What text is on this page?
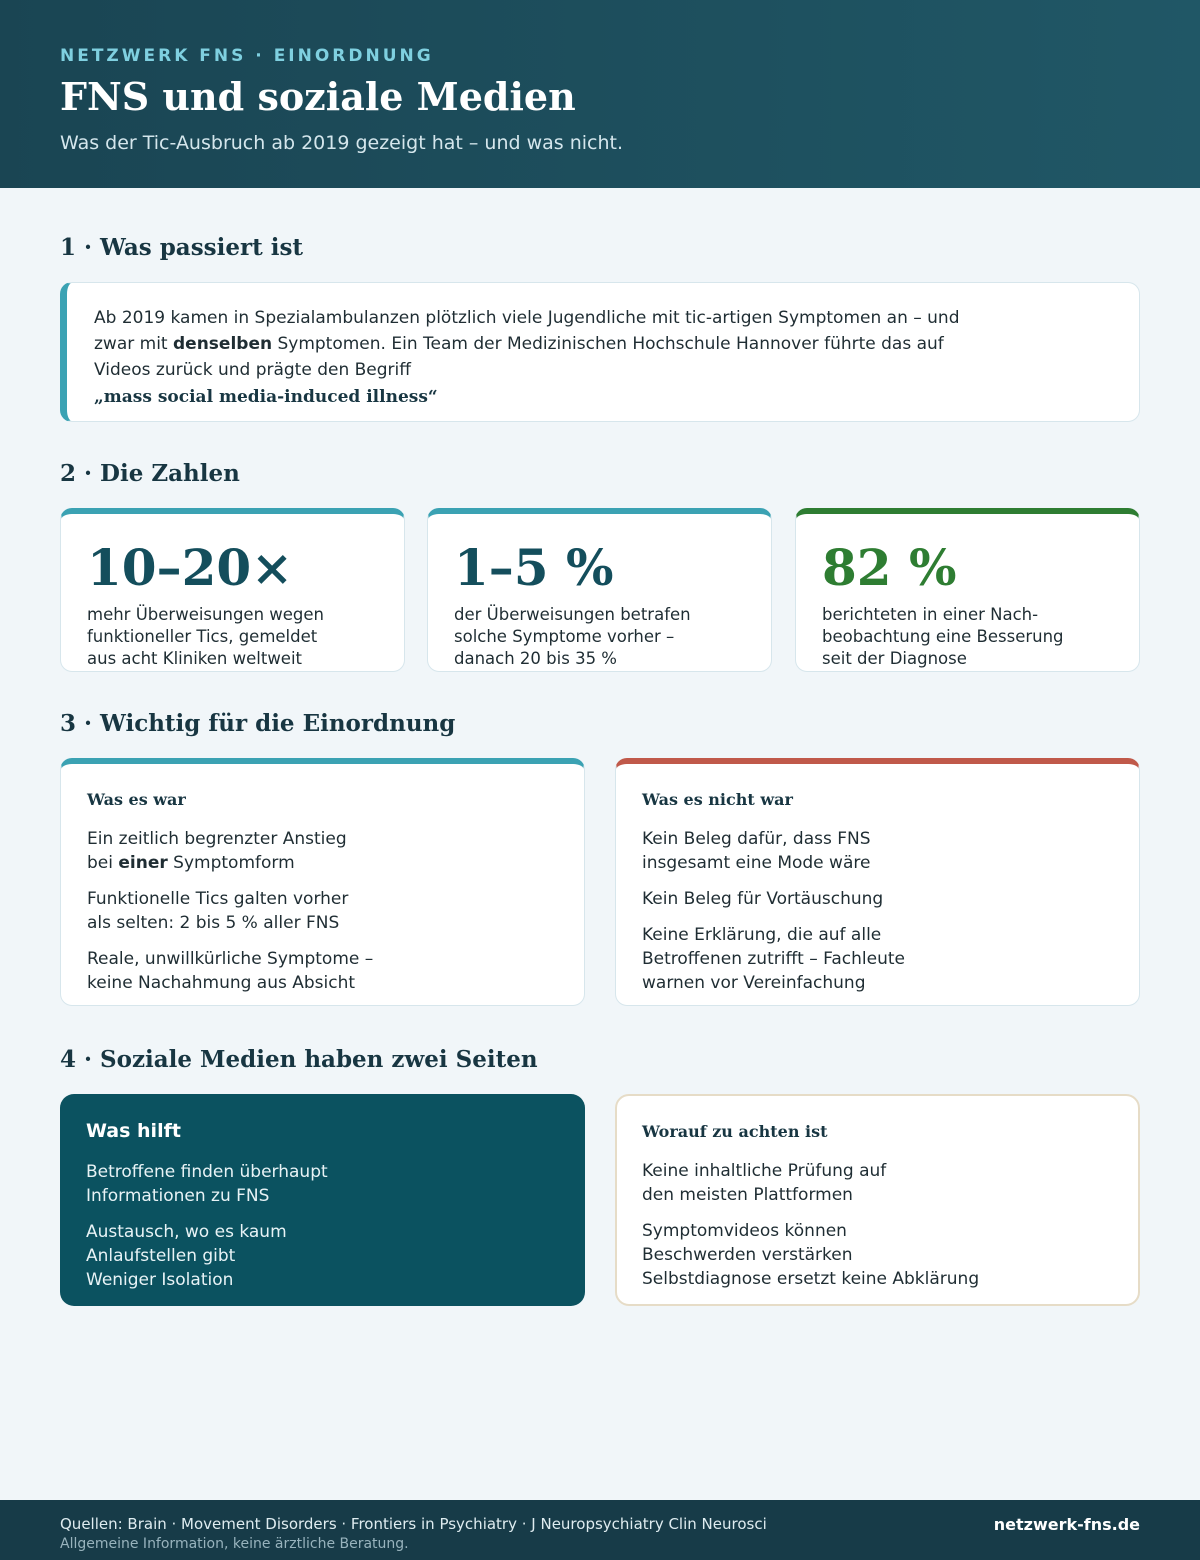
NETZWERK FNS · EINORDNUNG
FNS und soziale Medien
Was der Tic-Ausbruch ab 2019 gezeigt hat – und was nicht.
1 · Was passiert ist
Ab 2019 kamen in Spezialambulanzen plötzlich viele Jugendliche mit tic-artigen Symptomen an – und zwar mit denselben Symptomen. Ein Team der Medizinischen Hochschule Hannover führte das auf Videos zurück und prägte den Begriff
„mass social media-induced illness“
2 · Die Zahlen
10–20×
mehr Überweisungen wegen
funktioneller Tics, gemeldet
aus acht Kliniken weltweit
1–5 %
der Überweisungen betrafen
solche Symptome vorher –
danach 20 bis 35 %
82 %
berichteten in einer Nach-
beobachtung eine Besserung
seit der Diagnose
3 · Wichtig für die Einordnung
Was es war
Ein zeitlich begrenzter Anstieg
bei einer Symptomform
Funktionelle Tics galten vorher
als selten: 2 bis 5 % aller FNS
Reale, unwillkürliche Symptome –
keine Nachahmung aus Absicht
Was es nicht war
Kein Beleg dafür, dass FNS
insgesamt eine Mode wäre
Kein Beleg für Vortäuschung
Keine Erklärung, die auf alle
Betroffenen zutrifft – Fachleute
warnen vor Vereinfachung
4 · Soziale Medien haben zwei Seiten
Was hilft
Betroffene finden überhaupt
Informationen zu FNS
Austausch, wo es kaum
Anlaufstellen gibt
Weniger Isolation
Worauf zu achten ist
Keine inhaltliche Prüfung auf
den meisten Plattformen
Symptomvideos können
Beschwerden verstärken
Selbstdiagnose ersetzt keine Abklärung
Quellen: Brain · Movement Disorders · Frontiers in Psychiatry · J Neuropsychiatry Clin Neurosci
Allgemeine Information, keine ärztliche Beratung.
netzwerk-fns.de
